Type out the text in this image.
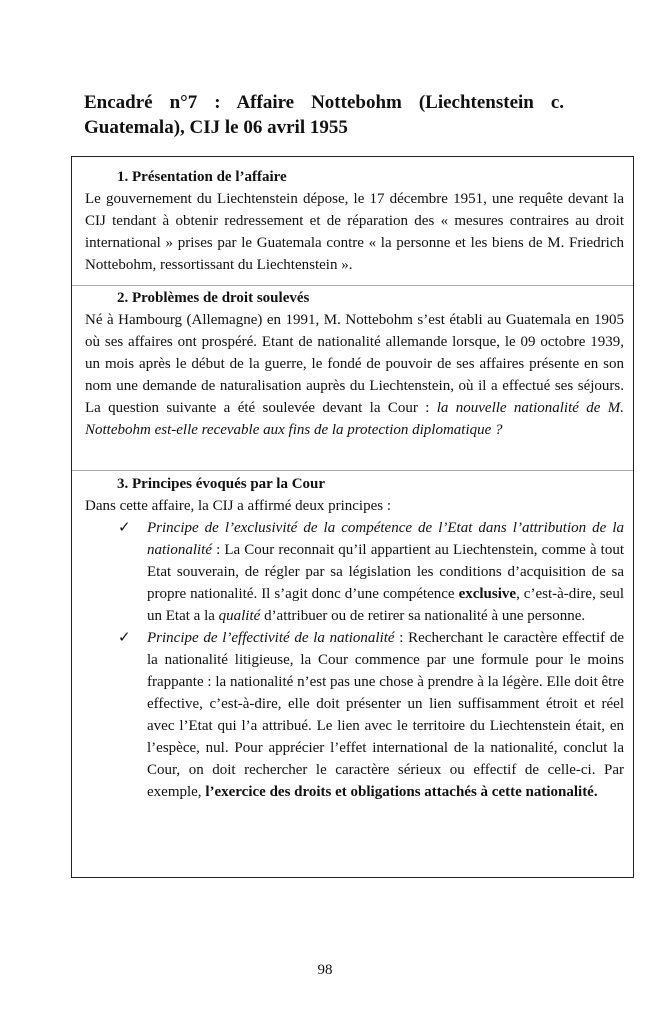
Encadré n°7 : Affaire Nottebohm (Liechtenstein c. Guatemala), CIJ le 06 avril 1955
1. Présentation de l’affaire
Le gouvernement du Liechtenstein dépose, le 17 décembre 1951, une requête devant la CIJ tendant à obtenir redressement et de réparation des « mesures contraires au droit international » prises par le Guatemala contre « la personne et les biens de M. Friedrich Nottebohm, ressortissant du Liechtenstein ».
2. Problèmes de droit soulevés
Né à Hambourg (Allemagne) en 1991, M. Nottebohm s’est établi au Guatemala en 1905 où ses affaires ont prospéré. Etant de nationalité allemande lorsque, le 09 octobre 1939, un mois après le début de la guerre, le fondé de pouvoir de ses affaires présente en son nom une demande de naturalisation auprès du Liechtenstein, où il a effectué ses séjours. La question suivante a été soulevée devant la Cour : la nouvelle nationalité de M. Nottebohm est-elle recevable aux fins de la protection diplomatique ?
3. Principes évoqués par la Cour
Dans cette affaire, la CIJ a affirmé deux principes :
✓ Principe de l’exclusivité de la compétence de l’Etat dans l’attribution de la nationalité : La Cour reconnait qu’il appartient au Liechtenstein, comme à tout Etat souverain, de régler par sa législation les conditions d’acquisition de sa propre nationalité. Il s’agit donc d’une compétence exclusive, c’est-à-dire, seul un Etat a la qualité d’attribuer ou de retirer sa nationalité à une personne.
✓ Principe de l’effectivité de la nationalité : Recherchant le caractère effectif de la nationalité litigieuse, la Cour commence par une formule pour le moins frappante : la nationalité n’est pas une chose à prendre à la légère. Elle doit être effective, c’est-à-dire, elle doit présenter un lien suffisamment étroit et réel avec l’Etat qui l’a attribué. Le lien avec le territoire du Liechtenstein était, en l’espèce, nul. Pour apprécier l’effet international de la nationalité, conclut la Cour, on doit rechercher le caractère sérieux ou effectif de celle-ci. Par exemple, l’exercice des droits et obligations attachés à cette nationalité.
98
